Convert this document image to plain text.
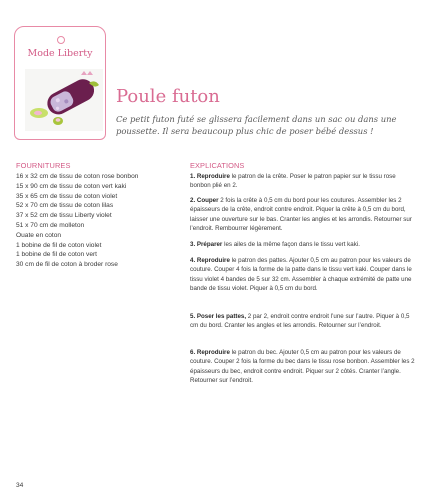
Mode Liberty
Poule futon

Ce petit futon futé se glissera facilement dans un sac ou dans une poussette. Il sera beaucoup plus chic de poser bébé dessus !

FOURNITURES
16 x 32 cm de tissu de coton rose bonbon
15 x 90 cm de tissu de coton vert kaki
35 x 65 cm de tissu de coton violet
52 x 70 cm de tissu de coton lilas
37 x 52 cm de tissu Liberty violet
51 x 70 cm de molleton
Ouate en coton
1 bobine de fil de coton violet
1 bobine de fil de coton vert
30 cm de fil de coton à broder rose
EXPLICATIONS

1. Reproduire le patron de la crête. Poser le patron papier sur le tissu rose bonbon plié en 2.

2. Couper 2 fois la crête à 0,5 cm du bord pour les coutures. Assembler les 2 épaisseurs de la crête, endroit contre endroit. Piquer la crête à 0,5 cm du bord, laisser une ouverture sur le bas. Cranter les angles et les arrondis. Retourner sur l’endroit. Rembourrer légèrement.

3. Préparer les ailes de la même façon dans le tissu vert kaki.

4. Reproduire le patron des pattes. Ajouter 0,5 cm au patron pour les valeurs de couture. Couper 4 fois la forme de la patte dans le tissu vert kaki. Couper dans le tissu violet 4 bandes de 5 sur 32 cm. Assembler à chaque extrémité de patte une bande de tissu violet. Piquer à 0,5 cm du bord.

5. Poser les pattes, 2 par 2, endroit contre endroit l’une sur l’autre. Piquer à 0,5 cm du bord. Cranter les angles et les arrondis. Retourner sur l’endroit.

6. Reproduire le patron du bec. Ajouter 0,5 cm au patron pour les valeurs de couture. Couper 2 fois la forme du bec dans le tissu rose bonbon. Assembler les 2 épaisseurs du bec, endroit contre endroit. Piquer sur 2 côtés. Cranter l’angle. Retourner sur l’endroit.

34
